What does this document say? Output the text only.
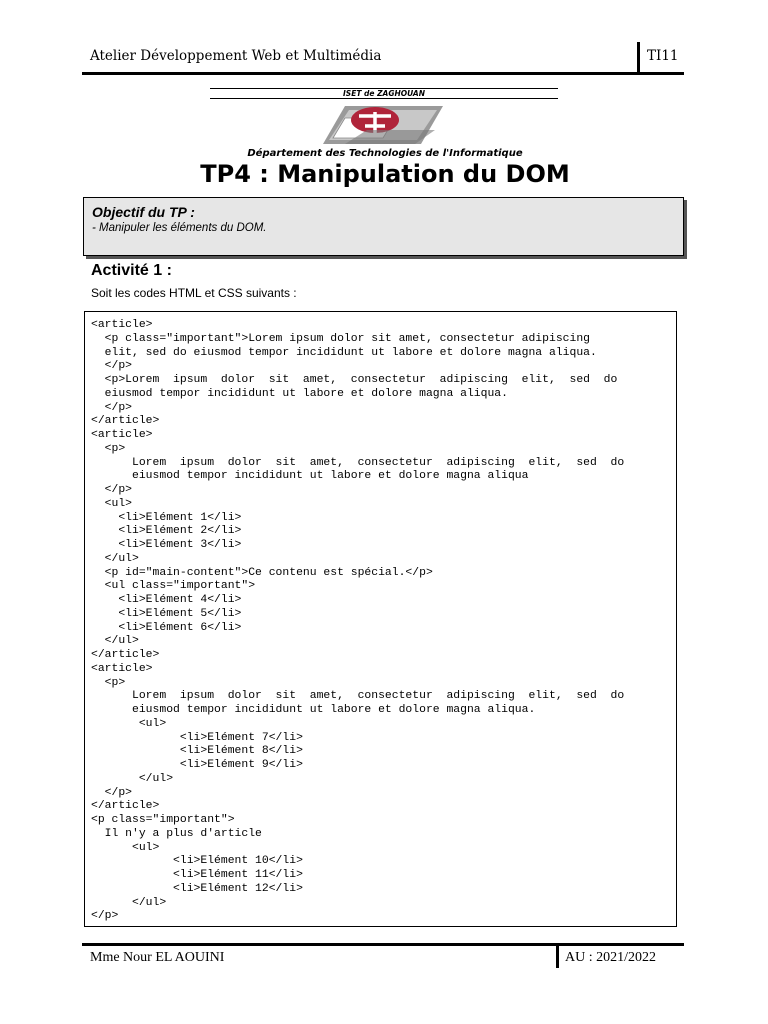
Atelier Développement Web et Multimédia	TI11
ISET de ZAGHOUAN
Département des Technologies de l'Informatique
TP4 : Manipulation du DOM
Objectif du TP :
- Manipuler les éléments du DOM.
Activité 1 :
Soit les codes HTML et CSS suivants :
<article>
<p class="important">Lorem ipsum dolor sit amet, consectetur adipiscing
elit, sed do eiusmod tempor incididunt ut labore et dolore magna aliqua.
</p>
<p>Lorem  ipsum  dolor  sit  amet,  consectetur  adipiscing  elit,  sed  do
eiusmod tempor incididunt ut labore et dolore magna aliqua.
</p>
</article>
<article>
<p>
Lorem  ipsum  dolor  sit  amet,  consectetur  adipiscing  elit,  sed  do
eiusmod tempor incididunt ut labore et dolore magna aliqua
</p>
<ul>
<li>Elément 1</li>
<li>Elément 2</li>
<li>Elément 3</li>
</ul>
<p id="main-content">Ce contenu est spécial.</p>
<ul class="important">
<li>Elément 4</li>
<li>Elément 5</li>
<li>Elément 6</li>
</ul>
</article>
<article>
<p>
Lorem  ipsum  dolor  sit  amet,  consectetur  adipiscing  elit,  sed  do
eiusmod tempor incididunt ut labore et dolore magna aliqua.
<ul>
<li>Elément 7</li>
<li>Elément 8</li>
<li>Elément 9</li>
</ul>
</p>
</article>
<p class="important">
Il n'y a plus d'article
<ul>
<li>Elément 10</li>
<li>Elément 11</li>
<li>Elément 12</li>
</ul>
</p>

Mme Nour EL AOUINI	AU : 2021/2022
